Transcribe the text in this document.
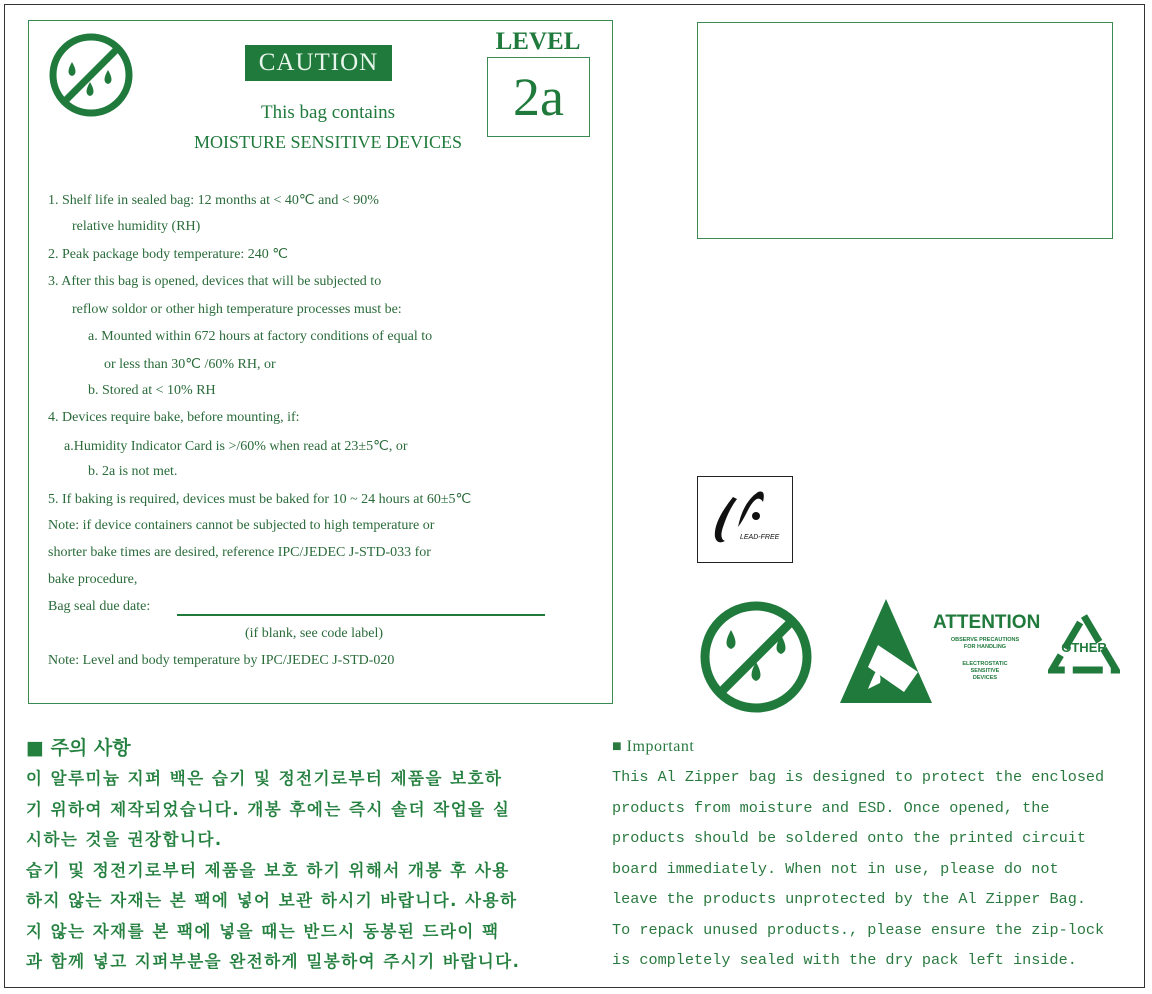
CAUTION
LEVEL
2a
This bag contains
MOISTURE SENSITIVE DEVICES
1. Shelf life in sealed bag: 12 months at < 40℃ and < 90%
relative humidity (RH)
2. Peak package body temperature: 240 ℃
3. After this bag is opened, devices that will be subjected to
reflow soldor or other high temperature processes must be:
a. Mounted within 672 hours at factory conditions of equal to
or less than 30℃ /60% RH, or
b. Stored at < 10% RH
4. Devices require bake, before mounting, if:
a.Humidity Indicator Card is >/60% when read at 23±5℃, or
b. 2a is not met.
5. If baking is required, devices must be baked for 10 ~ 24 hours at 60±5℃
Note: if device containers cannot be subjected to high temperature or
shorter bake times are desired, reference IPC/JEDEC J-STD-033 for
bake procedure,
Bag seal due date:
(if blank, see code label)
Note: Level and body temperature by IPC/JEDEC J-STD-020
LEAD-FREE
ATTENTION
OBSERVE PRECAUTIONS
FOR HANDLING
ELECTROSTATIC
SENSITIVE
DEVICES
OTHER
■ 주의 사항
이 알루미늄 지퍼 백은 습기 및 정전기로부터 제품을 보호하
기 위하여 제작되었습니다. 개봉 후에는 즉시 솔더 작업을 실
시하는 것을 권장합니다.
습기 및 정전기로부터 제품을 보호 하기 위해서 개봉 후 사용
하지 않는 자재는 본 팩에 넣어 보관 하시기 바랍니다. 사용하
지 않는 자재를 본 팩에 넣을 때는 반드시 동봉된 드라이 팩
과 함께 넣고 지퍼부분을 완전하게 밀봉하여 주시기 바랍니다.
■ Important
This Al Zipper bag is designed to protect the enclosed
products from moisture and ESD. Once opened, the
products should be soldered onto the printed circuit
board immediately. When not in use, please do not
leave the products unprotected by the Al Zipper Bag.
To repack unused products., please ensure the zip-lock
is completely sealed with the dry pack left inside.
